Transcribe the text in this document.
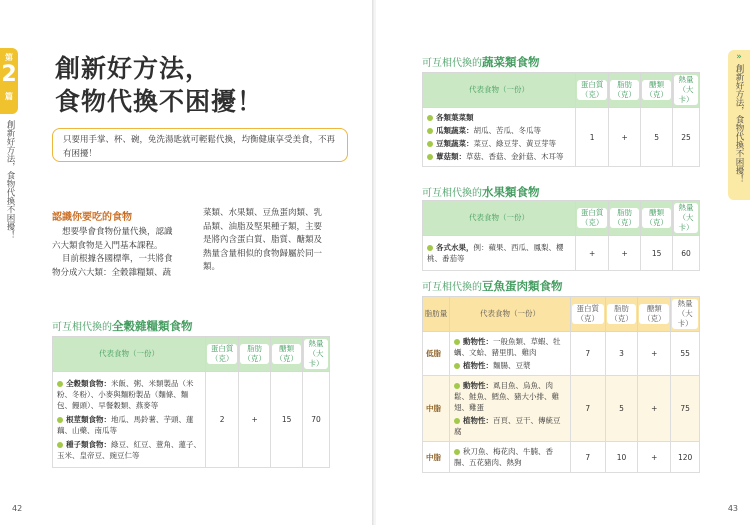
第
2
篇
創新好方法，食物代換不困擾！
創新好方法，
食物代換不困擾！
只要用手掌、杯、碗，免洗湯匙就可輕鬆代換，均衡健康享受美食，不再有困擾！
認識你要吃的食物
想要學會食物份量代換，認識
六大類食物是入門基本課程。
目前根據各國標準，一共將食
物分成六大類：全穀雜糧類、蔬
菜類、水果類、豆魚蛋肉類、乳
品類、油脂及堅果種子類，主要
是將內含蛋白質、脂質、醣類及
熱量含量相似的食物歸屬於同一
類。
可互相代換的全穀雜糧類食物
代表食物（一份）	蛋白質（克）	脂肪（克）	醣類（克）	熱量（大卡）

全穀類食物：米飯、粥、米類製品（米粉、冬粉）、小麥與麵粉製品（麵條、麵包、饅頭）、早餐穀類、燕麥等
根莖類食物：地瓜、馬鈴薯、芋頭、蓮藕、山藥、南瓜等
種子類食物：綠豆、紅豆、薏角、蓮子、玉米、皇帝豆、豌豆仁等	2	+	15	70
42
»
創新好方法，食物代換不困擾！
可互相代換的蔬菜類食物
代表食物（一份）	蛋白質（克）	脂肪（克）	醣類（克）	熱量（大卡）

各類葉菜類
瓜類蔬菜：胡瓜、苦瓜、冬瓜等
豆類蔬菜：菜豆、綠豆芽、黃豆芽等
蕈菇類：草菇、香菇、金針菇、木耳等	1	+	5	25
可互相代換的水果類食物
代表食物（一份）	蛋白質（克）	脂肪（克）	醣類（克）	熱量（大卡）

各式水果，例：蘋果、西瓜、鳳梨、櫻桃、番茄等	+	+	15	60
可互相代換的豆魚蛋肉類食物
脂肪量	代表食物（一份）	蛋白質（克）	脂肪（克）	醣類（克）	熱量（大卡）
低脂	動物性：一般魚類、草蝦、牡蠣、文蛤、豬里肌、雞肉
植物性：麵腸、豆漿	7	3	+	55
中脂	動物性：虱目魚、烏魚、肉鬆、鮭魚、鱈魚、豬大小排、雞翅、雞蛋
植物性：百頁、豆干、傳統豆腐	7	5	+	75
中脂	秋刀魚、梅花肉、牛腩、香腸、五花豬肉、熱狗	7	10	+	120
43
